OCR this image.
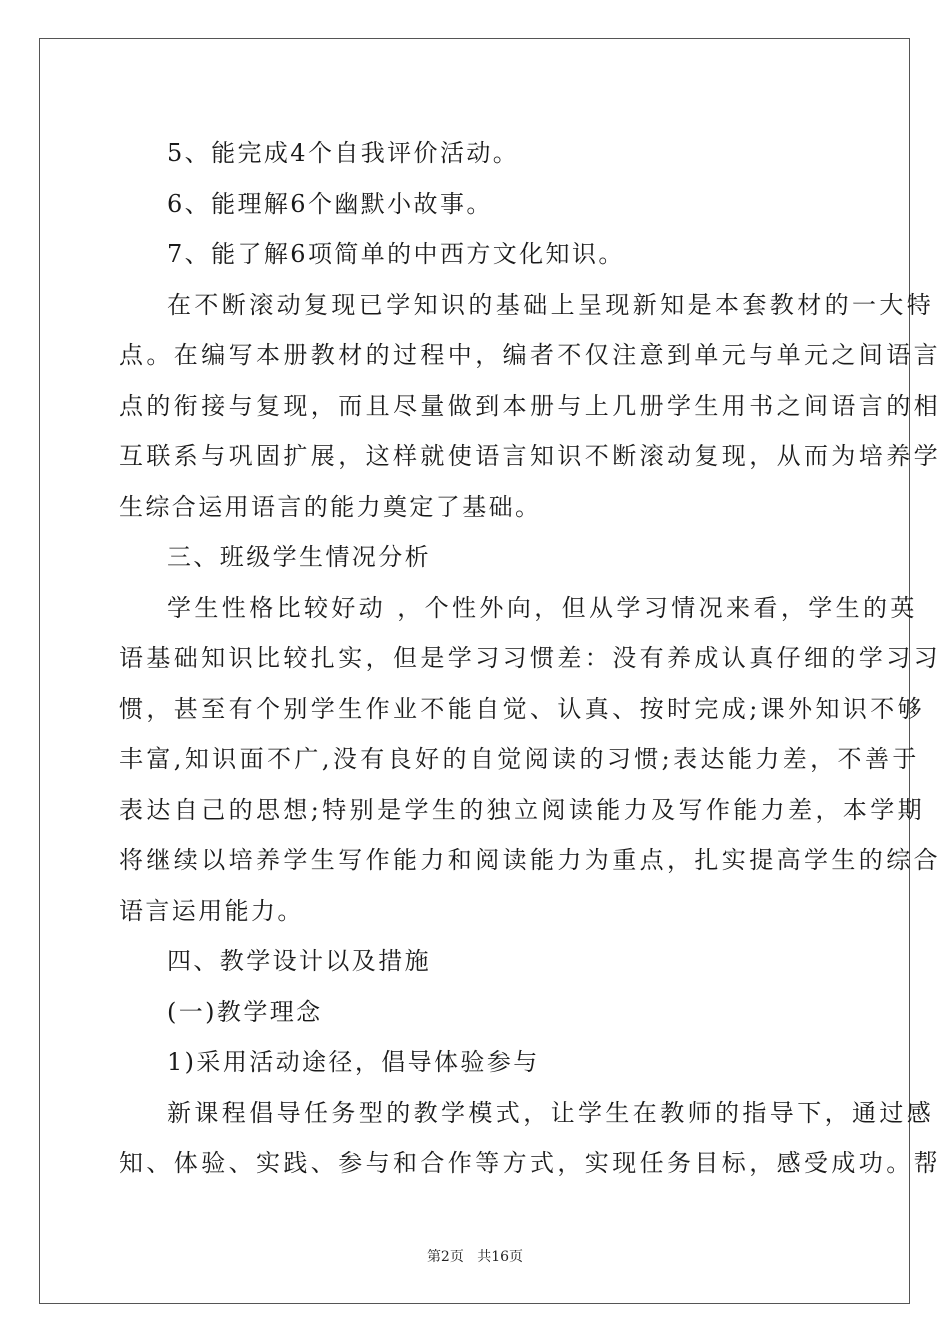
5、能完成4个自我评价活动。
6、能理解6个幽默小故事。
7、能了解6项简单的中西方文化知识。
在不断滚动复现已学知识的基础上呈现新知是本套教材的一大特
点。在编写本册教材的过程中，编者不仅注意到单元与单元之间语言
点的衔接与复现，而且尽量做到本册与上几册学生用书之间语言的相
互联系与巩固扩展，这样就使语言知识不断滚动复现，从而为培养学
生综合运用语言的能力奠定了基础。
三、班级学生情况分析
学生性格比较好动 ，个性外向，但从学习情况来看，学生的英
语基础知识比较扎实，但是学习习惯差：没有养成认真仔细的学习习
惯，甚至有个别学生作业不能自觉、认真、按时完成;课外知识不够
丰富,知识面不广,没有良好的自觉阅读的习惯;表达能力差，不善于
表达自己的思想;特别是学生的独立阅读能力及写作能力差，本学期
将继续以培养学生写作能力和阅读能力为重点，扎实提高学生的综合
语言运用能力。
四、教学设计以及措施
(一)教学理念
1)采用活动途径，倡导体验参与
新课程倡导任务型的教学模式，让学生在教师的指导下，通过感
知、体验、实践、参与和合作等方式，实现任务目标，感受成功。帮
第2页 共16页
